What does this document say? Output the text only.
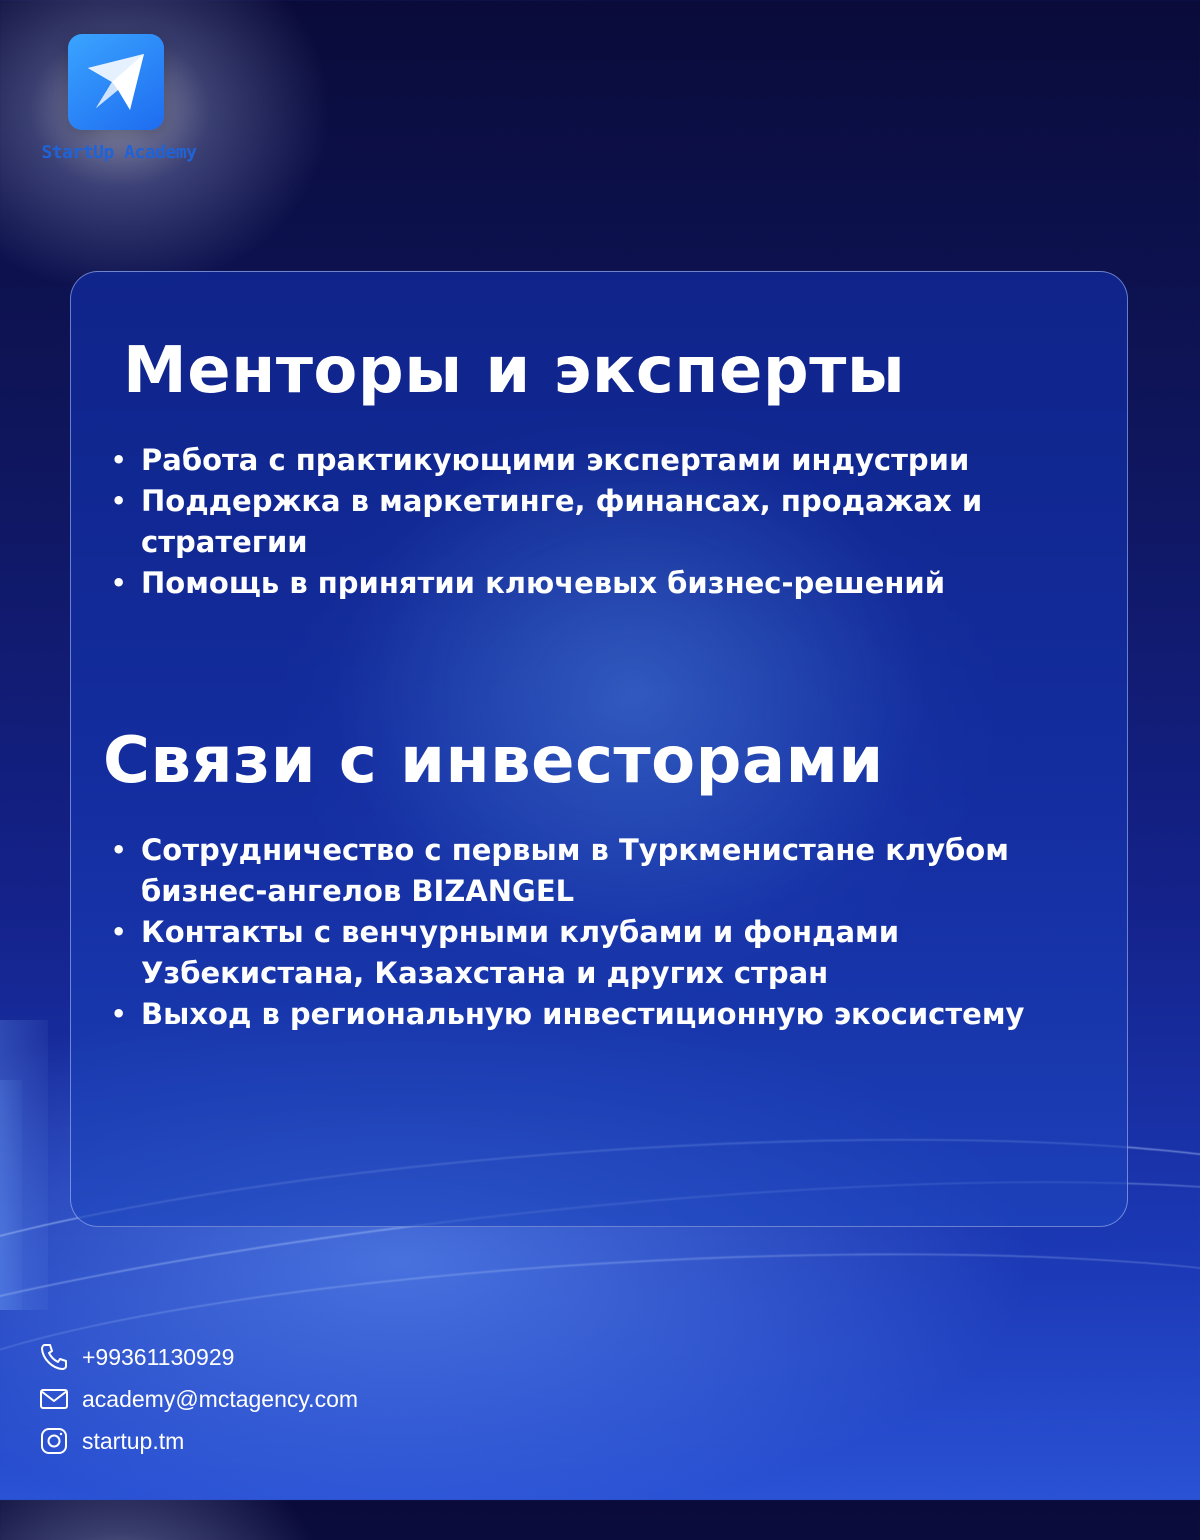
StartUp Academy
Менторы и эксперты
• Работа с практикующими экспертами индустрии
• Поддержка в маркетинге, финансах, продажах и стратегии
• Помощь в принятии ключевых бизнес-решений
Связи с инвесторами
• Сотрудничество с первым в Туркменистане клубом бизнес-ангелов BIZANGEL
• Контакты с венчурными клубами и фондами Узбекистана, Казахстана и других стран
• Выход в региональную инвестиционную экосистему
+99361130929
academy@mctagency.com
startup.tm
